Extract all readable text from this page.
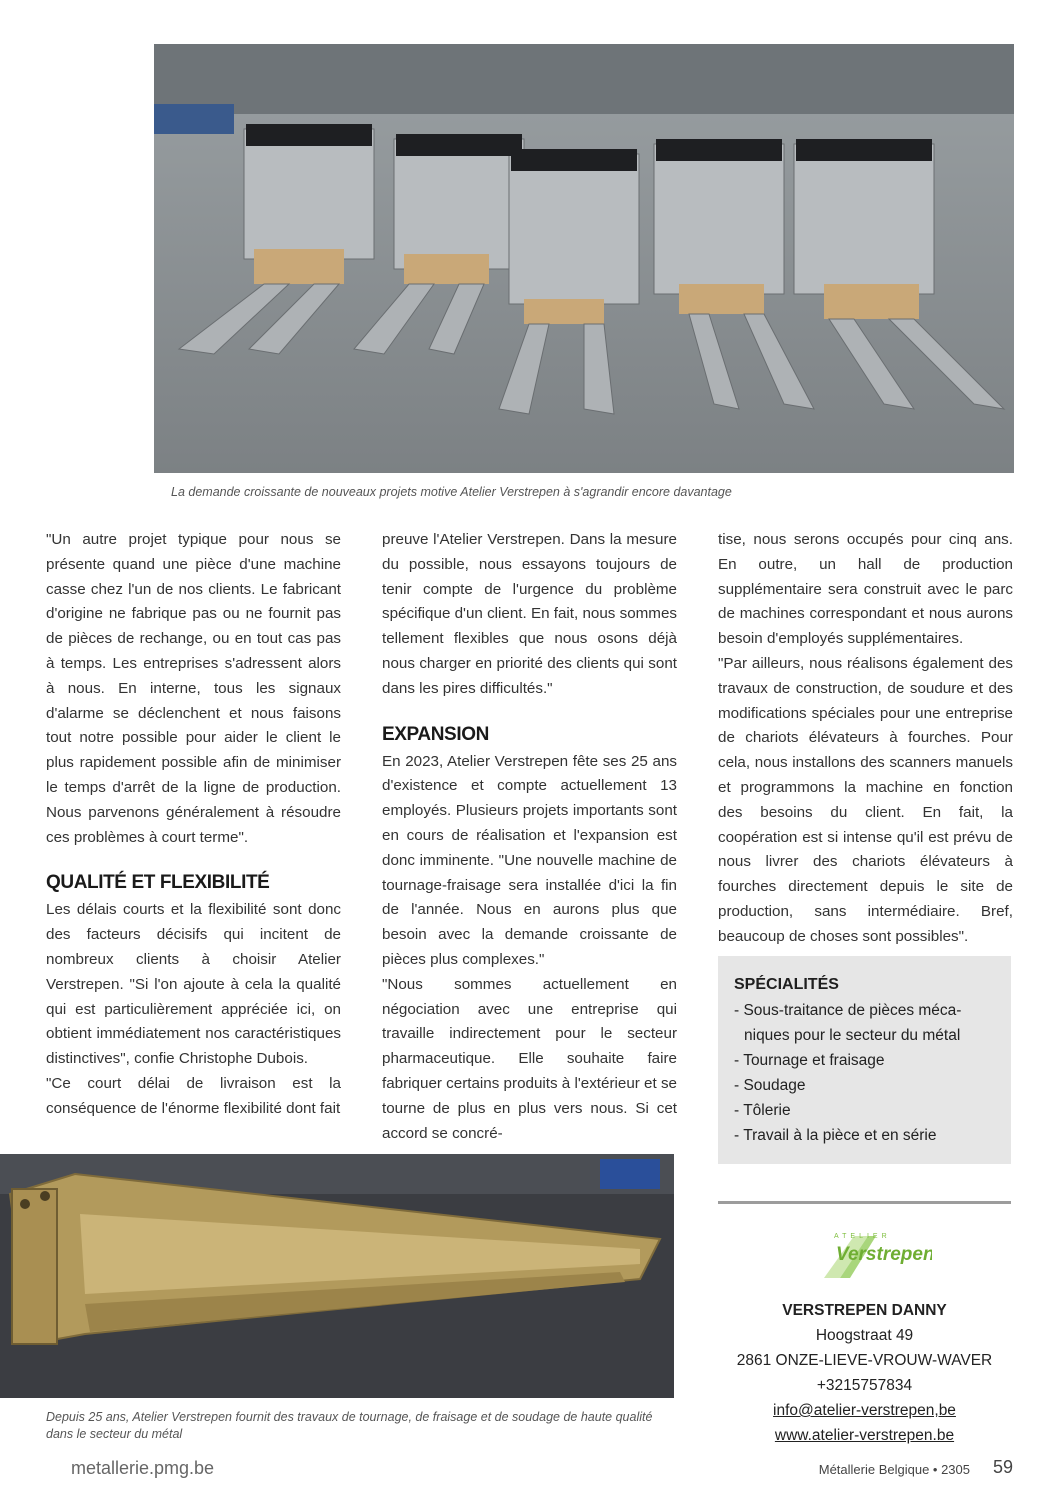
La demande croissante de nouveaux projets motive Atelier Verstrepen à s'agrandir encore davantage

"Un autre projet typique pour nous se présente quand une pièce d'une machine casse chez l'un de nos clients. Le fabricant d'origine ne fabrique pas ou ne fournit pas de pièces de rechange, ou en tout cas pas à temps. Les entreprises s'adressent alors à nous. En interne, tous les signaux d'alarme se déclenchent et nous faisons tout notre possible pour aider le client le plus rapidement possible afin de minimiser le temps d'arrêt de la ligne de production. Nous parvenons généralement à résoudre ces problèmes à court terme".

QUALITÉ ET FLEXIBILITÉ

Les délais courts et la flexibilité sont donc des facteurs décisifs qui incitent de nombreux clients à choisir Atelier Verstrepen. "Si l'on ajoute à cela la qualité qui est particulièrement appréciée ici, on obtient immédiatement nos caractéristiques distinctives", confie Christophe Dubois.

"Ce court délai de livraison est la conséquence de l'énorme flexibilité dont fait

preuve l'Atelier Verstrepen. Dans la mesure du possible, nous essayons toujours de tenir compte de l'urgence du problème spécifique d'un client. En fait, nous sommes tellement flexibles que nous osons déjà nous charger en priorité des clients qui sont dans les pires difficultés."

EXPANSION

En 2023, Atelier Verstrepen fête ses 25 ans d'existence et compte actuellement 13 employés. Plusieurs projets importants sont en cours de réalisation et l'expansion est donc imminente. "Une nouvelle machine de tournage-fraisage sera installée d'ici la fin de l'année. Nous en aurons plus que besoin avec la demande croissante de pièces plus complexes."

"Nous sommes actuellement en négociation avec une entreprise qui travaille indirectement pour le secteur pharmaceutique. Elle souhaite faire fabriquer certains produits à l'extérieur et se tourne de plus en plus vers nous. Si cet accord se concré-

tise, nous serons occupés pour cinq ans. En outre, un hall de production supplémentaire sera construit avec le parc de machines correspondant et nous aurons besoin d'employés supplémentaires.

"Par ailleurs, nous réalisons également des travaux de construction, de soudure et des modifications spéciales pour une entreprise de chariots élévateurs à fourches. Pour cela, nous installons des scanners manuels et programmons la machine en fonction des besoins du client. En fait, la coopération est si intense qu'il est prévu de nous livrer des chariots élévateurs à fourches directement depuis le site de production, sans intermédiaire. Bref, beaucoup de choses sont possibles".

SPÉCIALITÉS
- Sous-traitance de pièces méca-
niques pour le secteur du métal
- Tournage et fraisage
- Soudage
- Tôlerie
- Travail à la pièce et en série
ATELIER
Verstrepen
VERSTREPEN DANNY
Hoogstraat 49
2861 ONZE-LIEVE-VROUW-WAVER
+3215757834
info@atelier-verstrepen,be
www.atelier-verstrepen.be
Depuis 25 ans, Atelier Verstrepen fournit des travaux de tournage, de fraisage et de soudage de haute qualité
dans le secteur du métal
metallerie.pmg.be	Métallerie Belgique • 2305 59
